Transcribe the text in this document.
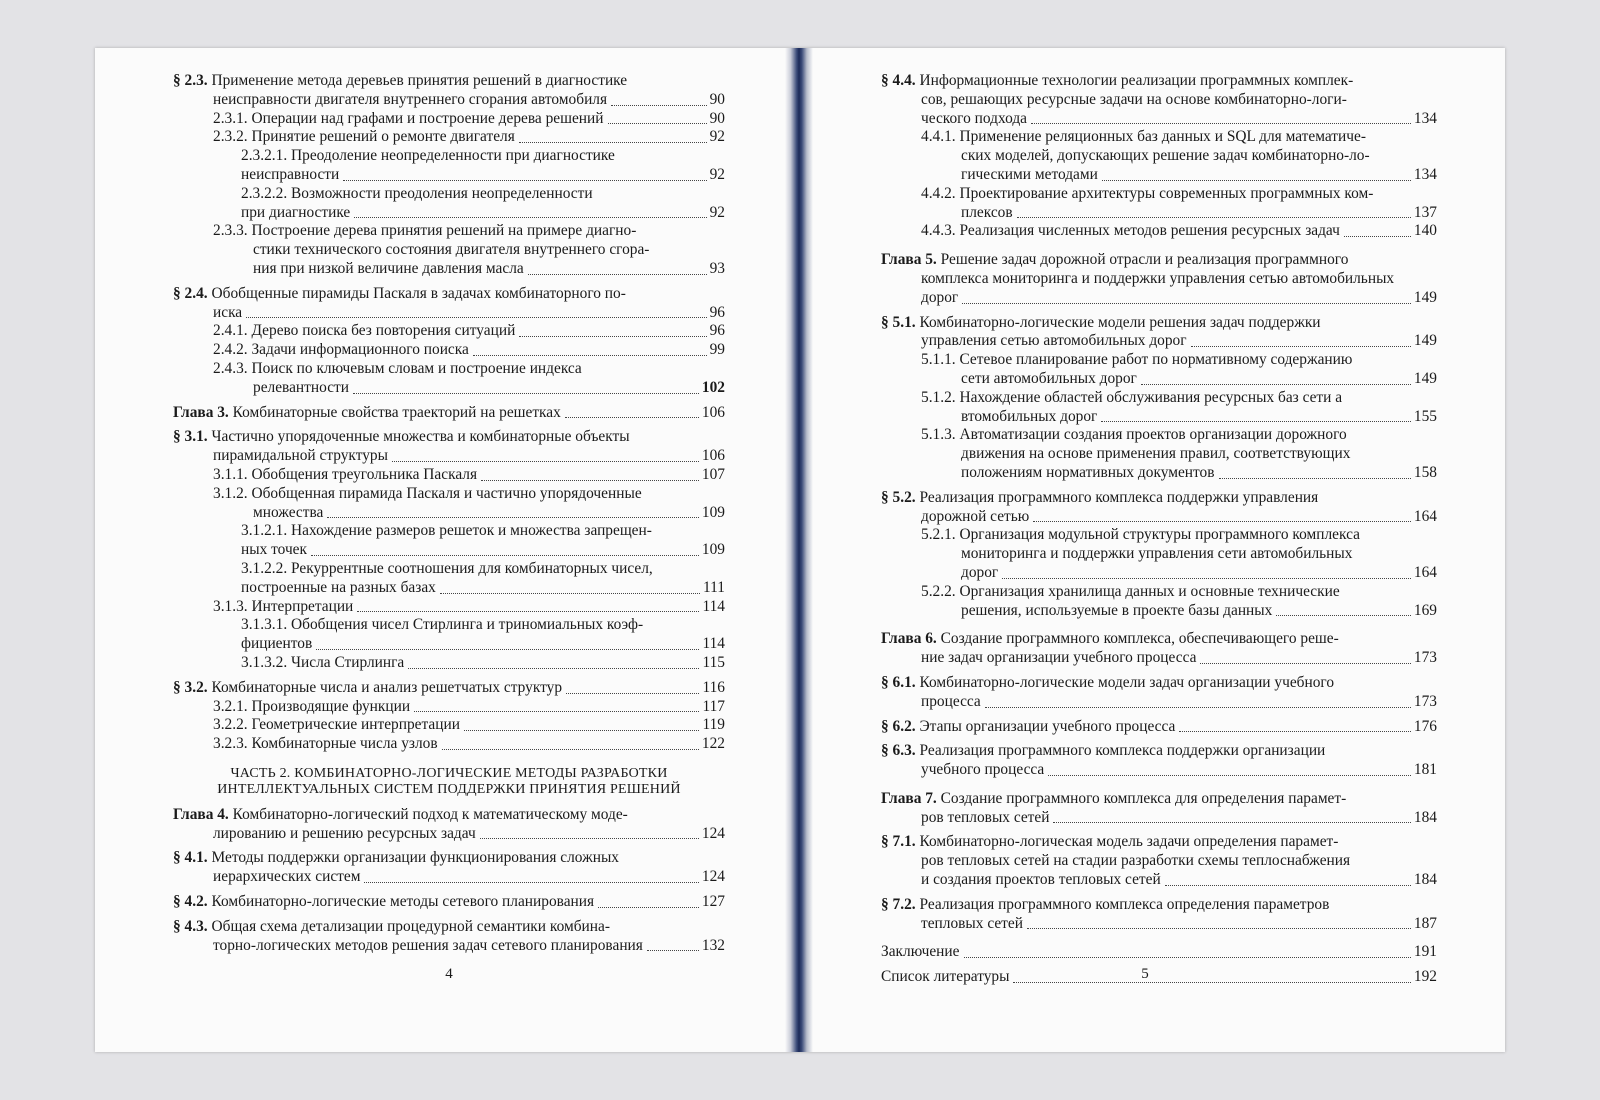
§ 2.3. Применение метода деревьев принятия решений в диагностике
неисправности двигателя внутреннего сгорания автомобиля	90
2.3.1. Операции над графами и построение дерева решений	90
2.3.2. Принятие решений о ремонте двигателя	92
2.3.2.1. Преодоление неопределенности при диагностике
неисправности	92
2.3.2.2. Возможности преодоления неопределенности
при диагностике	92
2.3.3. Построение дерева принятия решений на примере диагно-
стики технического состояния двигателя внутреннего сгора-
ния при низкой величине давления масла	93
§ 2.4. Обобщенные пирамиды Паскаля в задачах комбинаторного по-
иска	96
2.4.1. Дерево поиска без повторения ситуаций	96
2.4.2. Задачи информационного поиска	99
2.4.3. Поиск по ключевым словам и построение индекса
релевантности	102
Глава 3. Комбинаторные свойства траекторий на решетках	106
§ 3.1. Частично упорядоченные множества и комбинаторные объекты
пирамидальной структуры	106
3.1.1. Обобщения треугольника Паскаля	107
3.1.2. Обобщенная пирамида Паскаля и частично упорядоченные
множества	109
3.1.2.1. Нахождение размеров решеток и множества запрещен-
ных точек	109
3.1.2.2. Рекуррентные соотношения для комбинаторных чисел,
построенные на разных базах	111
3.1.3. Интерпретации	114
3.1.3.1. Обобщения чисел Стирлинга и триномиальных коэф-
фициентов	114
3.1.3.2. Числа Стирлинга	115
§ 3.2. Комбинаторные числа и анализ решетчатых структур	116
3.2.1. Производящие функции	117
3.2.2. Геометрические интерпретации	119
3.2.3. Комбинаторные числа узлов	122
ЧАСТЬ 2. КОМБИНАТОРНО-ЛОГИЧЕСКИЕ МЕТОДЫ РАЗРАБОТКИ
ИНТЕЛЛЕКТУАЛЬНЫХ СИСТЕМ ПОДДЕРЖКИ ПРИНЯТИЯ РЕШЕНИЙ
Глава 4. Комбинаторно-логический подход к математическому моде-
лированию и решению ресурсных задач	124
§ 4.1. Методы поддержки организации функционирования сложных
иерархических систем	124
§ 4.2. Комбинаторно-логические методы сетевого планирования	127
§ 4.3. Общая схема детализации процедурной семантики комбина-
торно-логических методов решения задач сетевого планирования	132
4
§ 4.4. Информационные технологии реализации программных комплек-
сов, решающих ресурсные задачи на основе комбинаторно-логи-
ческого подхода	134
4.4.1. Применение реляционных баз данных и SQL для математиче-
ских моделей, допускающих решение задач комбинаторно-ло-
гическими методами	134
4.4.2. Проектирование архитектуры современных программных ком-
плексов	137
4.4.3. Реализация численных методов решения ресурсных задач	140
Глава 5. Решение задач дорожной отрасли и реализация программного
комплекса мониторинга и поддержки управления сетью автомобильных
дорог	149
§ 5.1. Комбинаторно-логические модели решения задач поддержки
управления сетью автомобильных дорог	149
5.1.1. Сетевое планирование работ по нормативному содержанию
сети автомобильных дорог	149
5.1.2. Нахождение областей обслуживания ресурсных баз сети а
втомобильных дорог	155
5.1.3. Автоматизации создания проектов организации дорожного
движения на основе применения правил, соответствующих
положениям нормативных документов	158
§ 5.2. Реализация программного комплекса поддержки управления
дорожной сетью	164
5.2.1. Организация модульной структуры программного комплекса
мониторинга и поддержки управления сети автомобильных
дорог	164
5.2.2. Организация хранилища данных и основные технические
решения, используемые в проекте базы данных	169
Глава 6. Создание программного комплекса, обеспечивающего реше-
ние задач организации учебного процесса	173
§ 6.1. Комбинаторно-логические модели задач организации учебного
процесса	173
§ 6.2. Этапы организации учебного процесса	176
§ 6.3. Реализация программного комплекса поддержки организации
учебного процесса	181
Глава 7. Создание программного комплекса для определения парамет-
ров тепловых сетей	184
§ 7.1. Комбинаторно-логическая модель задачи определения парамет-
ров тепловых сетей на стадии разработки схемы теплоснабжения
и создания проектов тепловых сетей	184
§ 7.2. Реализация программного комплекса определения параметров
тепловых сетей	187
Заключение	191
Список литературы	192
5
